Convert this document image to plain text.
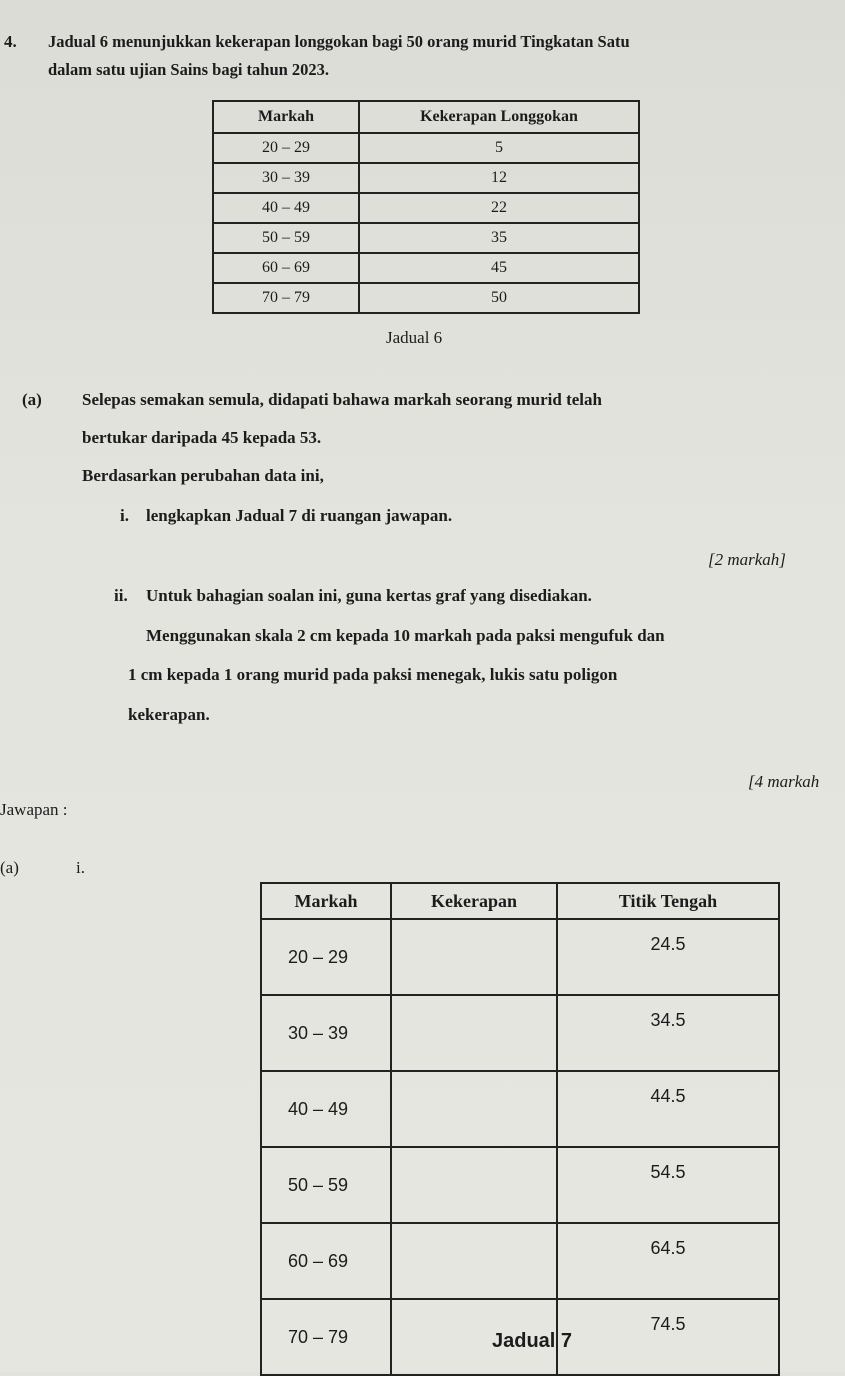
4. Jadual 6 menunjukkan kekerapan longgokan bagi 50 orang murid Tingkatan Satu
dalam satu ujian Sains bagi tahun 2023.
Markah	Kekerapan Longgokan
20 – 29	5
30 – 39	12
40 – 49	22
50 – 59	35
60 – 69	45
70 – 79	50
Jadual 6
(a) Selepas semakan semula, didapati bahawa markah seorang murid telah
bertukar daripada 45 kepada 53.
Berdasarkan perubahan data ini,
i. lengkapkan Jadual 7 di ruangan jawapan.
[2 markah]
ii. Untuk bahagian soalan ini, guna kertas graf yang disediakan.
Menggunakan skala 2 cm kepada 10 markah pada paksi mengufuk dan
1 cm kepada 1 orang murid pada paksi menegak, lukis satu poligon
kekerapan.
[4 markah
Jawapan :
(a)	i.
Markah	Kekerapan	Titik Tengah
20 – 29		24.5
30 – 39		34.5
40 – 49		44.5
50 – 59		54.5
60 – 69		64.5
70 – 79		74.5
Jadual 7
